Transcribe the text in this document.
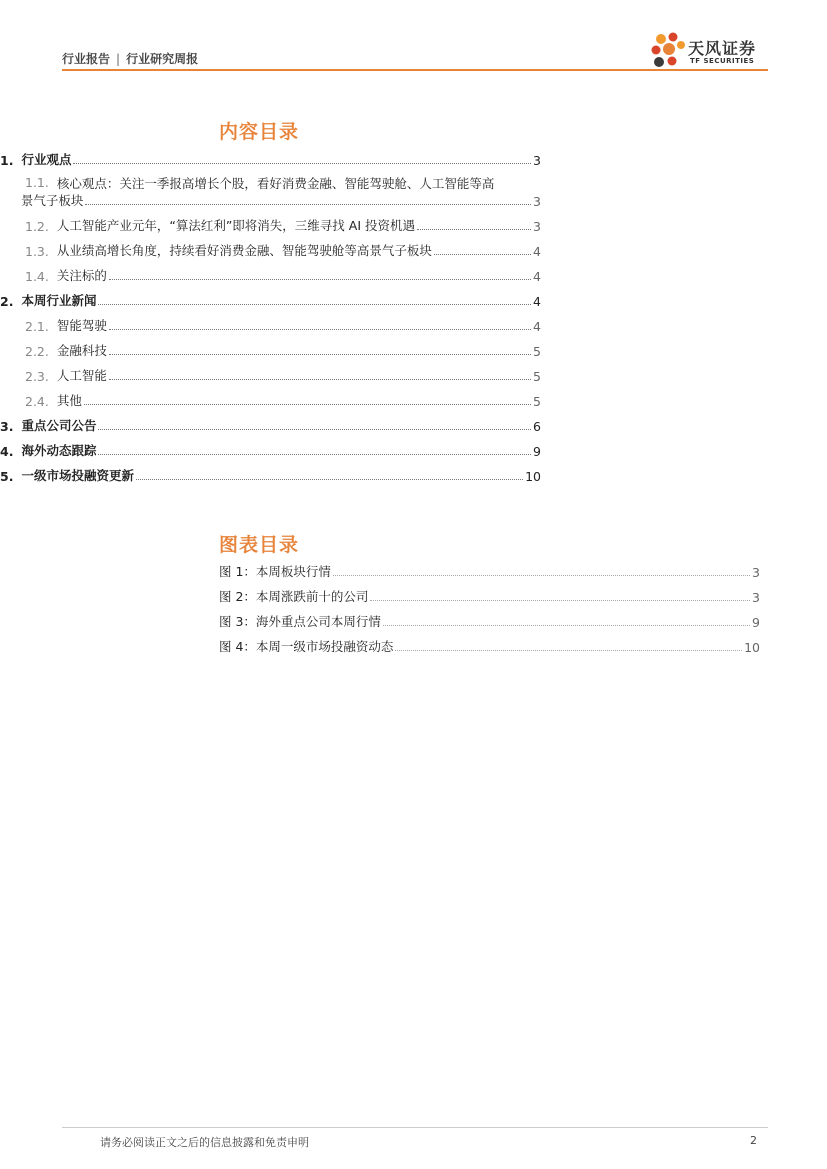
行业报告 | 行业研究周报
天风证券
TF SECURITIES
内容目录
1. 行业观点	3
1.1. 核心观点：关注一季报高增长个股，看好消费金融、智能驾驶舱、人工智能等高
景气子板块	3
1.2. 人工智能产业元年，“算法红利”即将消失，三维寻找 AI 投资机遇	3
1.3. 从业绩高增长角度，持续看好消费金融、智能驾驶舱等高景气子板块	4
1.4. 关注标的	4
2. 本周行业新闻	4
2.1. 智能驾驶	4
2.2. 金融科技	5
2.3. 人工智能	5
2.4. 其他	5
3. 重点公司公告	6
4. 海外动态跟踪	9
5. 一级市场投融资更新	10
图表目录
图 1：本周板块行情	3
图 2：本周涨跌前十的公司	3
图 3：海外重点公司本周行情	9
图 4：本周一级市场投融资动态	10
请务必阅读正文之后的信息披露和免责申明	2
